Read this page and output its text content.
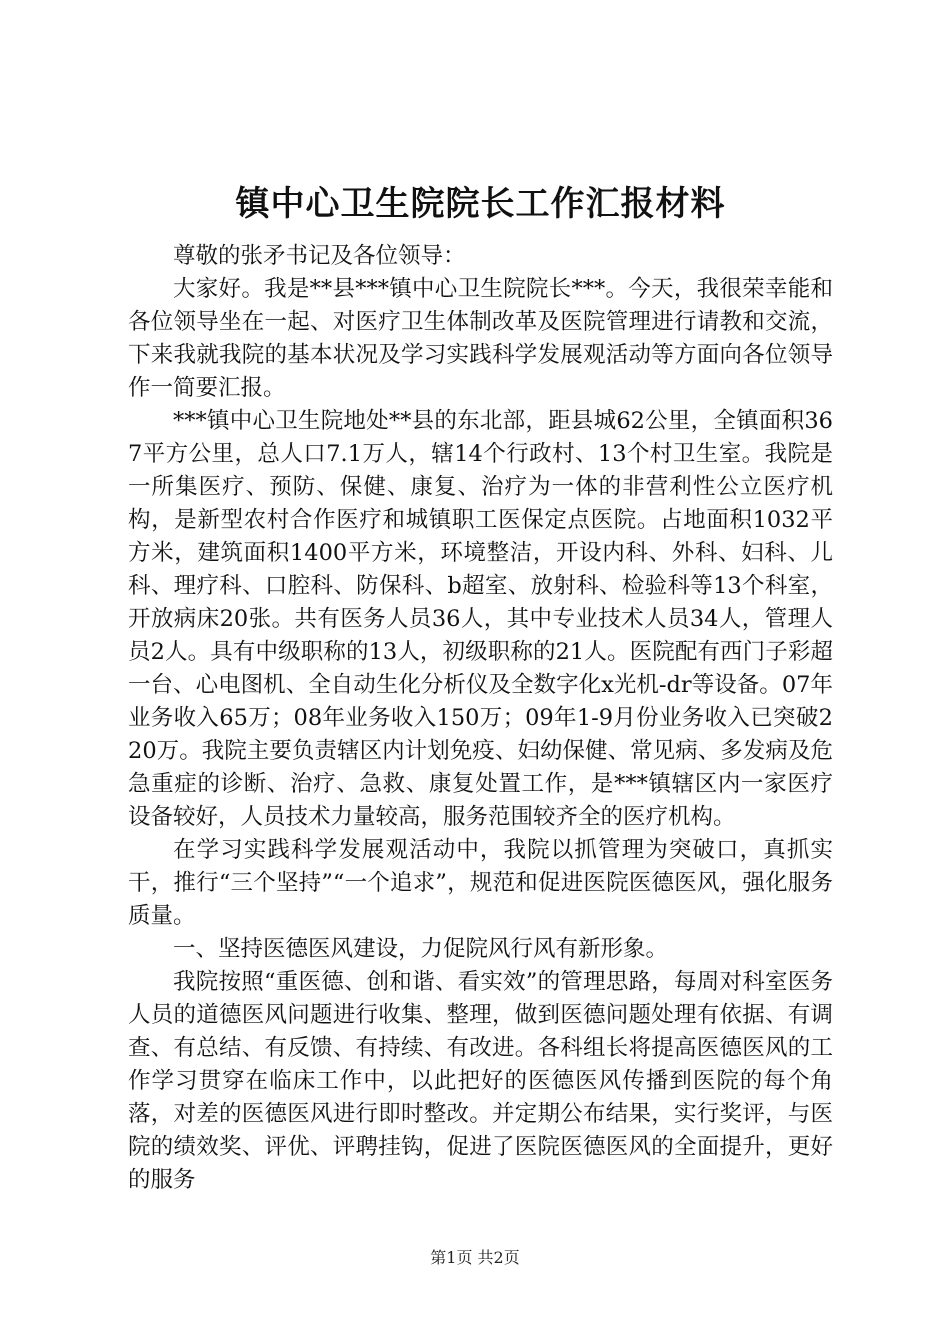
镇中心卫生院院长工作汇报材料

尊敬的张矛书记及各位领导：

大家好。我是**县***镇中心卫生院院长***。今天，我很荣幸能和各位领导坐在一起、对医疗卫生体制改革及医院管理进行请教和交流，下来我就我院的基本状况及学习实践科学发展观活动等方面向各位领导作一简要汇报。

***镇中心卫生院地处**县的东北部，距县城62公里，全镇面积367平方公里，总人口7.1万人，辖14个行政村、13个村卫生室。我院是一所集医疗、预防、保健、康复、治疗为一体的非营利性公立医疗机构，是新型农村合作医疗和城镇职工医保定点医院。占地面积1032平方米，建筑面积1400平方米，环境整洁，开设内科、外科、妇科、儿科、理疗科、口腔科、防保科、b超室、放射科、检验科等13个科室，开放病床20张。共有医务人员36人，其中专业技术人员34人，管理人员2人。具有中级职称的13人，初级职称的21人。医院配有西门子彩超一台、心电图机、全自动生化分析仪及全数字化x光机-dr等设备。07年业务收入65万；08年业务收入150万；09年1-9月份业务收入已突破220万。我院主要负责辖区内计划免疫、妇幼保健、常见病、多发病及危急重症的诊断、治疗、急救、康复处置工作，是***镇辖区内一家医疗设备较好，人员技术力量较高，服务范围较齐全的医疗机构。

在学习实践科学发展观活动中，我院以抓管理为突破口，真抓实干，推行“三个坚持”“一个追求”，规范和促进医院医德医风，强化服务质量。

一、坚持医德医风建设，力促院风行风有新形象。

我院按照“重医德、创和谐、看实效”的管理思路，每周对科室医务人员的道德医风问题进行收集、整理，做到医德问题处理有依据、有调查、有总结、有反馈、有持续、有改进。各科组长将提高医德医风的工作学习贯穿在临床工作中，以此把好的医德医风传播到医院的每个角落，对差的医德医风进行即时整改。并定期公布结果，实行奖评，与医院的绩效奖、评优、评聘挂钩，促进了医院医德医风的全面提升，更好的服务

第1页 共2页
